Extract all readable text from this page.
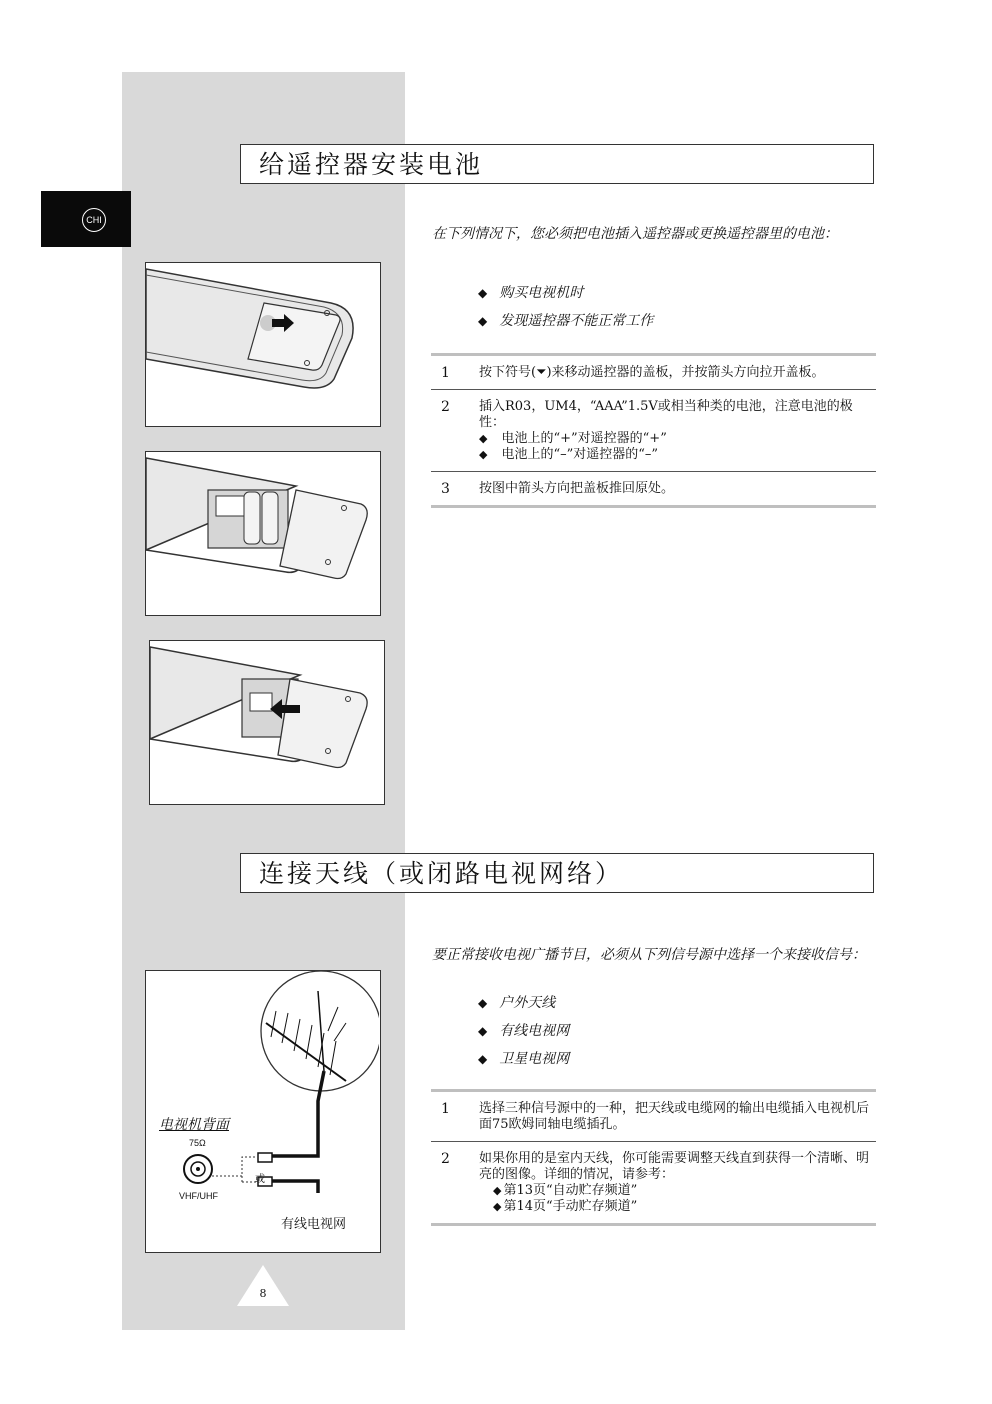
CHI
给遥控器安装电池

在下列情况下，您必须把电池插入遥控器或更换遥控器里的电池：

◆ 购买电视机时
◆ 发现遥控器不能正常工作
1 按下符号(⏷)来移动遥控器的盖板，并按箭头方向拉开盖板。
2 插入R03，UM4，“AAA”1.5V或相当种类的电池，注意电池的极性：
◆ 电池上的“+”对遥控器的“+”
◆ 电池上的“–”对遥控器的“–”
3 按图中箭头方向把盖板推回原处。
连接天线（或闭路电视网络）
电视机背面
75Ω
或
VHF/UHF
有线电视网

要正常接收电视广播节目，必须从下列信号源中选择一个来接收信号：

◆ 户外天线
◆ 有线电视网
◆ 卫星电视网
1 选择三种信号源中的一种，把天线或电缆网的输出电缆插入电视机后面75欧姆同轴电缆插孔。
2 如果你用的是室内天线，你可能需要调整天线直到获得一个清晰、明亮的图像。详细的情况，请参考：
◆ 第13页“自动贮存频道”
◆ 第14页“手动贮存频道”
8
